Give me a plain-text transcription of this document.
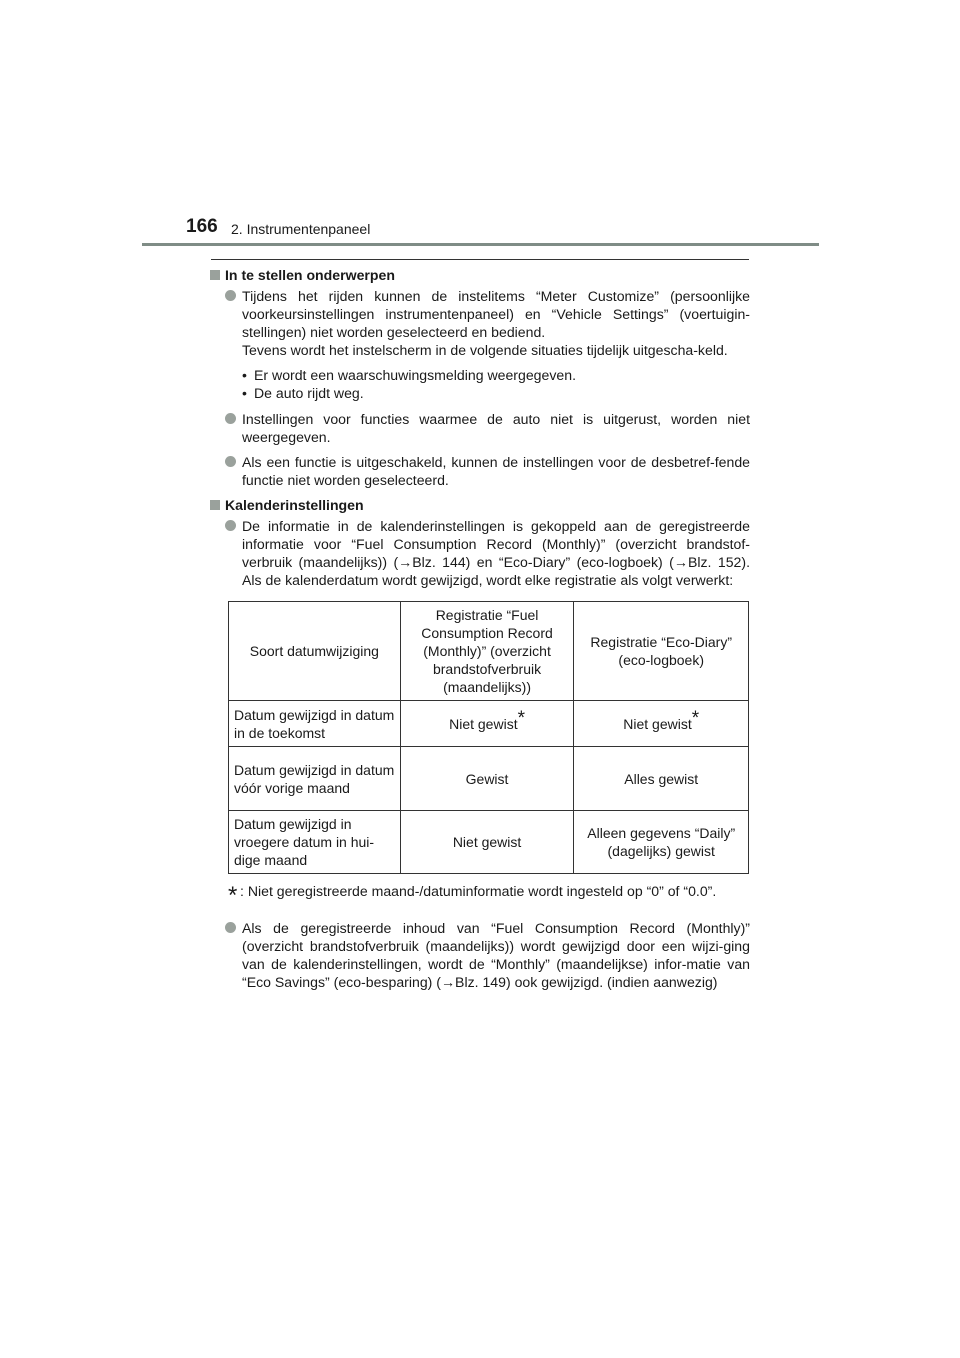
166 2. Instrumentenpaneel
In te stellen onderwerpen
Tijdens het rijden kunnen de instelitems “Meter Customize” (persoonlijke voorkeursinstellingen instrumentenpaneel) en “Vehicle Settings” (voertuigin-stellingen) niet worden geselecteerd en bediend.
Tevens wordt het instelscherm in de volgende situaties tijdelijk uitgescha-keld.
• Er wordt een waarschuwingsmelding weergegeven.
• De auto rijdt weg.
Instellingen voor functies waarmee de auto niet is uitgerust, worden niet weergegeven.
Als een functie is uitgeschakeld, kunnen de instellingen voor de desbetref-fende functie niet worden geselecteerd.
Kalenderinstellingen
De informatie in de kalenderinstellingen is gekoppeld aan de geregistreerde informatie voor “Fuel Consumption Record (Monthly)” (overzicht brandstof-verbruik (maandelijks)) (→Blz. 144) en “Eco-Diary” (eco-logboek) (→Blz. 152). Als de kalenderdatum wordt gewijzigd, wordt elke registratie als volgt verwerkt:
Soort datumwijziging	Registratie “Fuel Consumption Record (Monthly)” (overzicht brandstofverbruik (maandelijks))	Registratie “Eco-Diary” (eco-logboek)
Datum gewijzigd in datum in de toekomst	Niet gewist*	Niet gewist*
Datum gewijzigd in datum vóór vorige maand	Gewist	Alles gewist
Datum gewijzigd in vroegere datum in hui-dige maand	Niet gewist	Alleen gegevens “Daily” (dagelijks) gewist
* : Niet geregistreerde maand-/datuminformatie wordt ingesteld op “0” of “0.0”.
Als de geregistreerde inhoud van “Fuel Consumption Record (Monthly)” (overzicht brandstofverbruik (maandelijks)) wordt gewijzigd door een wijzi-ging van de kalenderinstellingen, wordt de “Monthly” (maandelijkse) infor-matie van “Eco Savings” (eco-besparing) (→Blz. 149) ook gewijzigd. (indien aanwezig)
